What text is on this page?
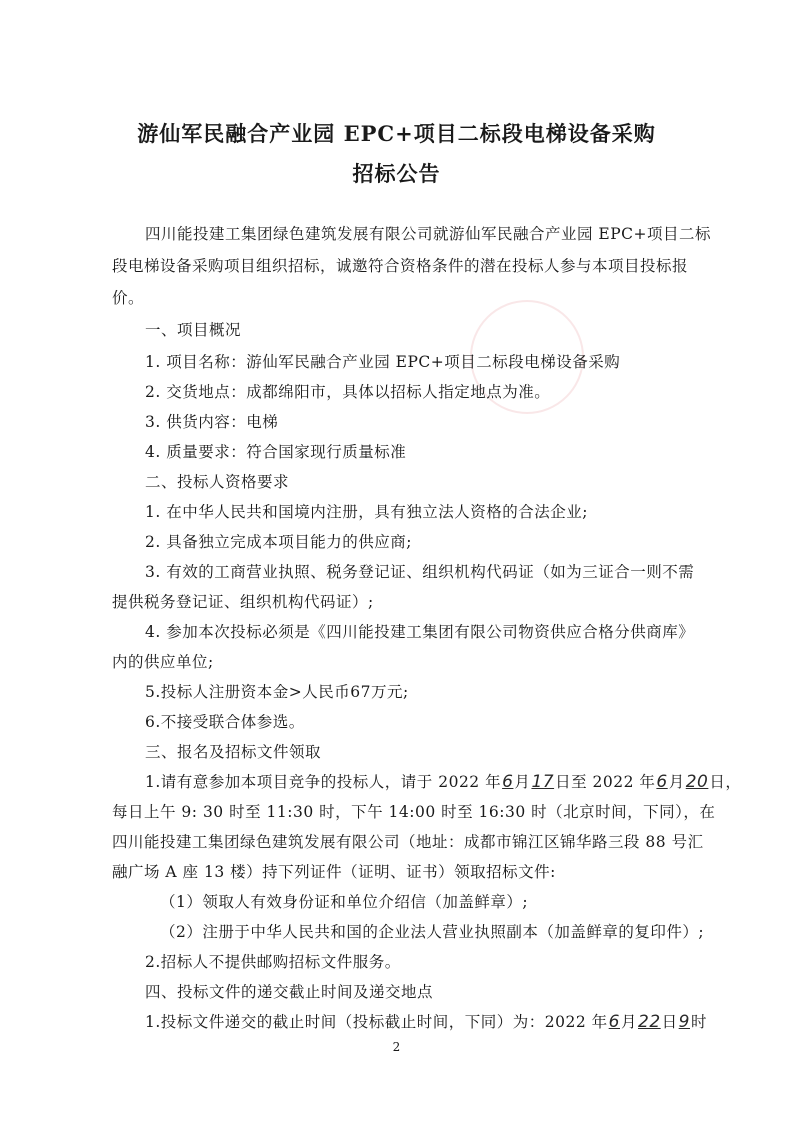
游仙军民融合产业园 EPC+项目二标段电梯设备采购
招标公告
四川能投建工集团绿色建筑发展有限公司就游仙军民融合产业园 EPC+项目二标
段电梯设备采购项目组织招标，诚邀符合资格条件的潜在投标人参与本项目投标报
价。
一、项目概况
1. 项目名称：游仙军民融合产业园 EPC+项目二标段电梯设备采购
2. 交货地点：成都绵阳市，具体以招标人指定地点为准。
3. 供货内容：电梯
4. 质量要求：符合国家现行质量标准
二、投标人资格要求
1. 在中华人民共和国境内注册，具有独立法人资格的合法企业;
2. 具备独立完成本项目能力的供应商;
3. 有效的工商营业执照、税务登记证、组织机构代码证（如为三证合一则不需
提供税务登记证、组织机构代码证）;
4. 参加本次投标必须是《四川能投建工集团有限公司物资供应合格分供商库》
内的供应单位;
5.投标人注册资本金>人民币67万元;
6.不接受联合体参选。
三、报名及招标文件领取
1.请有意参加本项目竞争的投标人，请于 2022 年6月17日至 2022 年6月20日，
每日上午 9: 30 时至 11:30 时，下午 14:00 时至 16:30 时（北京时间，下同），在
四川能投建工集团绿色建筑发展有限公司（地址：成都市锦江区锦华路三段 88 号汇
融广场 A 座 13 楼）持下列证件（证明、证书）领取招标文件:
（1）领取人有效身份证和单位介绍信（加盖鲜章）;
（2）注册于中华人民共和国的企业法人营业执照副本（加盖鲜章的复印件）;
2.招标人不提供邮购招标文件服务。
四、投标文件的递交截止时间及递交地点
1.投标文件递交的截止时间（投标截止时间，下同）为：2022 年6月22日9时
2
